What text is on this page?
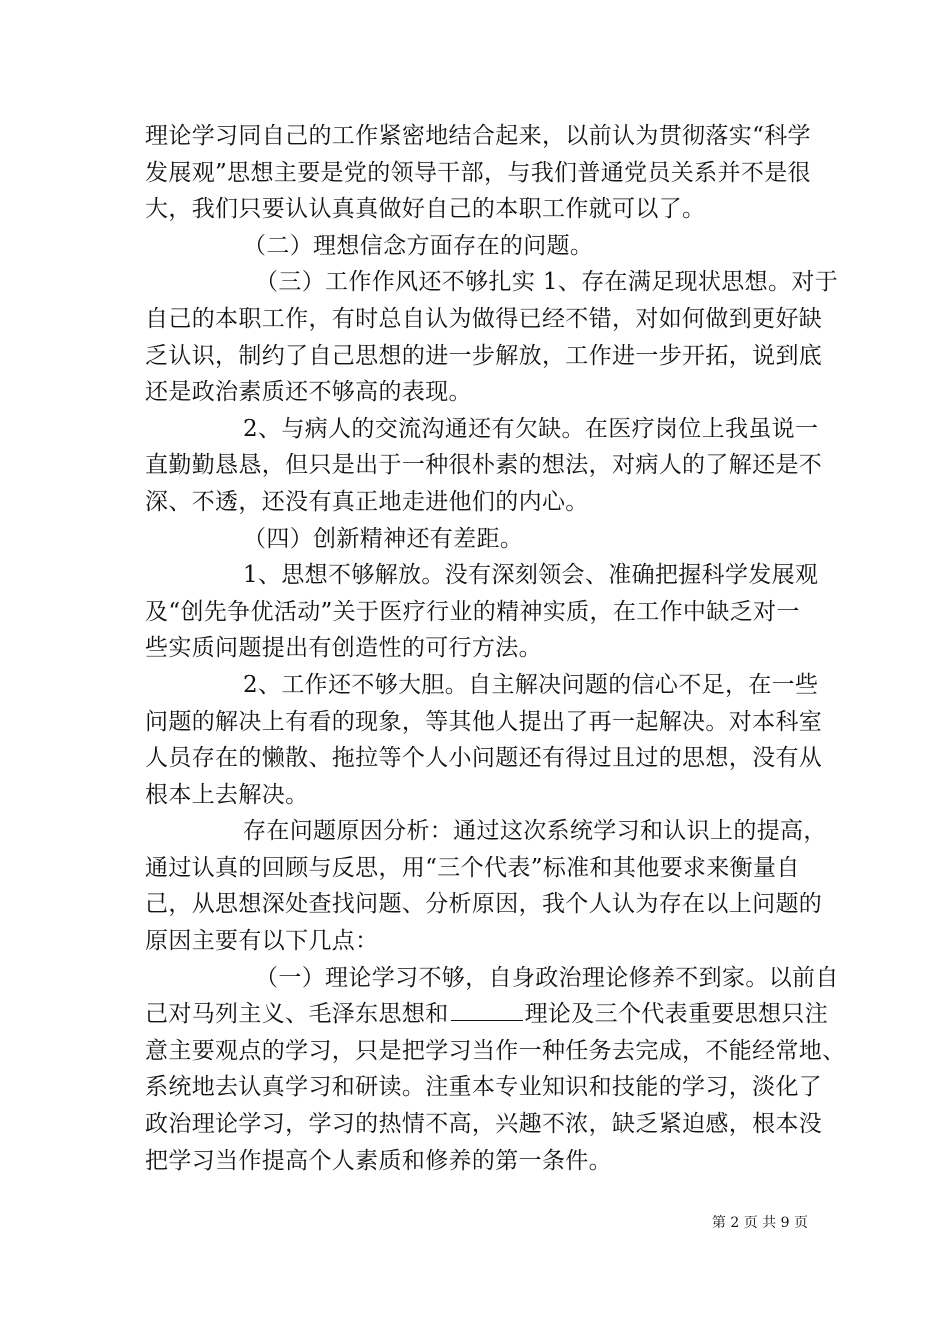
理论学习同自己的工作紧密地结合起来，以前认为贯彻落实“科学
发展观”思想主要是党的领导干部，与我们普通党员关系并不是很
大，我们只要认认真真做好自己的本职工作就可以了。
（二）理想信念方面存在的问题。
（三）工作作风还不够扎实 1、存在满足现状思想。对于
自己的本职工作，有时总自认为做得已经不错，对如何做到更好缺
乏认识，制约了自己思想的进一步解放，工作进一步开拓，说到底
还是政治素质还不够高的表现。
2、与病人的交流沟通还有欠缺。在医疗岗位上我虽说一
直勤勤恳恳，但只是出于一种很朴素的想法，对病人的了解还是不
深、不透，还没有真正地走进他们的内心。
（四）创新精神还有差距。
1、思想不够解放。没有深刻领会、准确把握科学发展观
及“创先争优活动”关于医疗行业的精神实质，在工作中缺乏对一
些实质问题提出有创造性的可行方法。
2、工作还不够大胆。自主解决问题的信心不足，在一些
问题的解决上有看的现象，等其他人提出了再一起解决。对本科室
人员存在的懒散、拖拉等个人小问题还有得过且过的思想，没有从
根本上去解决。
存在问题原因分析：通过这次系统学习和认识上的提高，
通过认真的回顾与反思，用“三个代表”标准和其他要求来衡量自
己，从思想深处查找问题、分析原因，我个人认为存在以上问题的
原因主要有以下几点：
（一）理论学习不够，自身政治理论修养不到家。以前自
己对马列主义、毛泽东思想和	理论及三个代表重要思想只注
意主要观点的学习，只是把学习当作一种任务去完成，不能经常地、
系统地去认真学习和研读。注重本专业知识和技能的学习，淡化了
政治理论学习，学习的热情不高，兴趣不浓，缺乏紧迫感，根本没
把学习当作提高个人素质和修养的第一条件。
第 2 页 共 9 页
